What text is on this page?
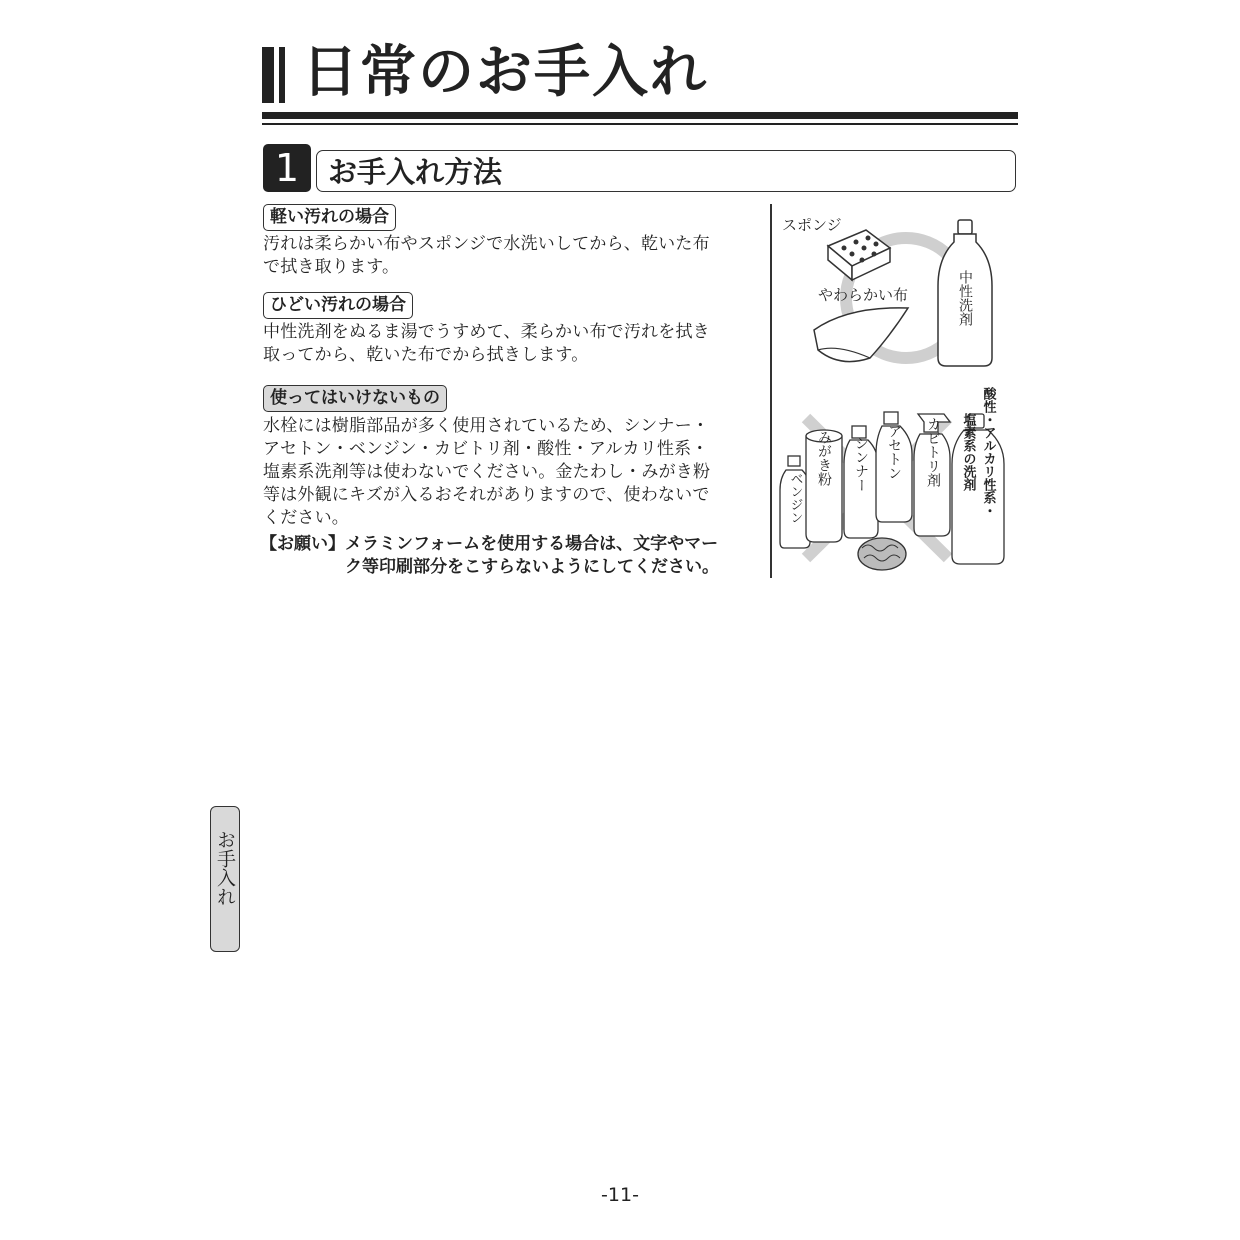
日常のお手入れ
1 お手入れ方法
軽い汚れの場合
汚れは柔らかい布やスポンジで水洗いしてから、乾いた布
で拭き取ります。
ひどい汚れの場合
中性洗剤をぬるま湯でうすめて、柔らかい布で汚れを拭き
取ってから、乾いた布でから拭きします。
使ってはいけないもの
水栓には樹脂部品が多く使用されているため、シンナー・
アセトン・ベンジン・カビトリ剤・酸性・アルカリ性系・
塩素系洗剤等は使わないでください。金たわし・みがき粉
等は外観にキズが入るおそれがありますので、使わないで
ください。
【お願い】メラミンフォームを使用する場合は、文字やマー
　　　　　ク等印刷部分をこすらないようにしてください。
スポンジ
やわらかい布	中性洗剤
ベンジン
みがき粉 シンナー アセトン カビトリ剤	酸性・アルカリ性系・
塩素系の洗剤
お手入れ
-11-
